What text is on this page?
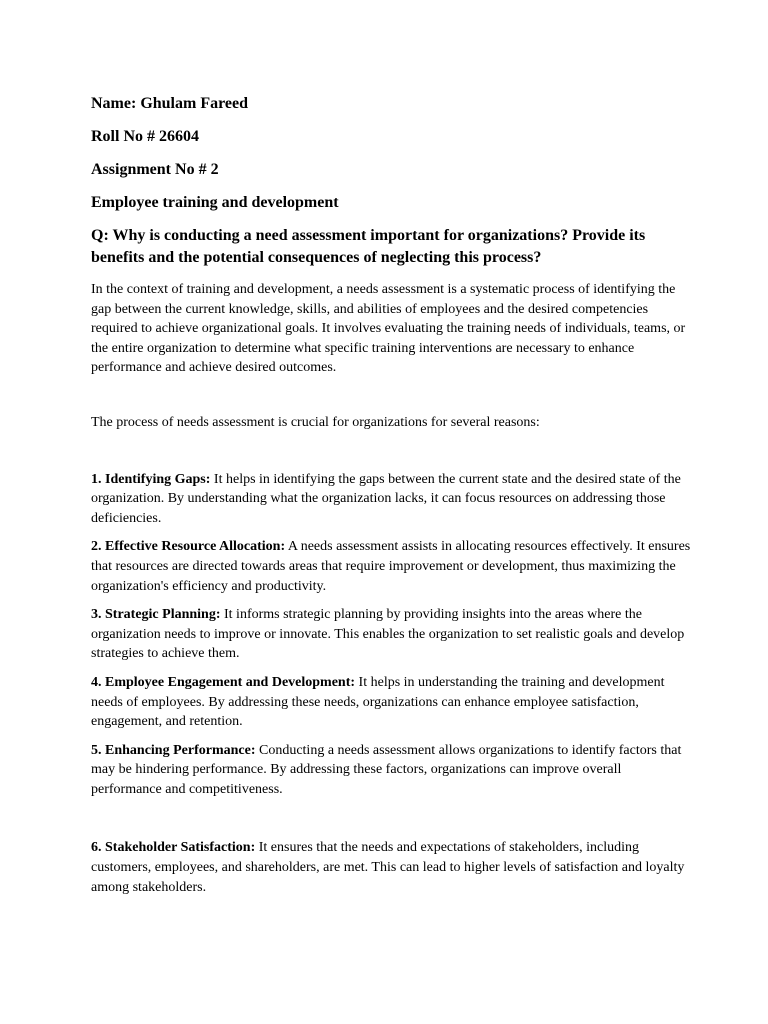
Name: Ghulam Fareed

Roll No # 26604

Assignment No # 2

Employee training and development

Q: Why is conducting a need assessment important for organizations? Provide its benefits and the potential consequences of neglecting this process?

In the context of training and development, a needs assessment is a systematic process of identifying the gap between the current knowledge, skills, and abilities of employees and the desired competencies required to achieve organizational goals. It involves evaluating the training needs of individuals, teams, or the entire organization to determine what specific training interventions are necessary to enhance performance and achieve desired outcomes.

The process of needs assessment is crucial for organizations for several reasons:

1. Identifying Gaps: It helps in identifying the gaps between the current state and the desired state of the organization. By understanding what the organization lacks, it can focus resources on addressing those deficiencies.

2. Effective Resource Allocation: A needs assessment assists in allocating resources effectively. It ensures that resources are directed towards areas that require improvement or development, thus maximizing the organization's efficiency and productivity.

3. Strategic Planning: It informs strategic planning by providing insights into the areas where the organization needs to improve or innovate. This enables the organization to set realistic goals and develop strategies to achieve them.

4. Employee Engagement and Development: It helps in understanding the training and development needs of employees. By addressing these needs, organizations can enhance employee satisfaction, engagement, and retention.

5. Enhancing Performance: Conducting a needs assessment allows organizations to identify factors that may be hindering performance. By addressing these factors, organizations can improve overall performance and competitiveness.

6. Stakeholder Satisfaction: It ensures that the needs and expectations of stakeholders, including customers, employees, and shareholders, are met. This can lead to higher levels of satisfaction and loyalty among stakeholders.
